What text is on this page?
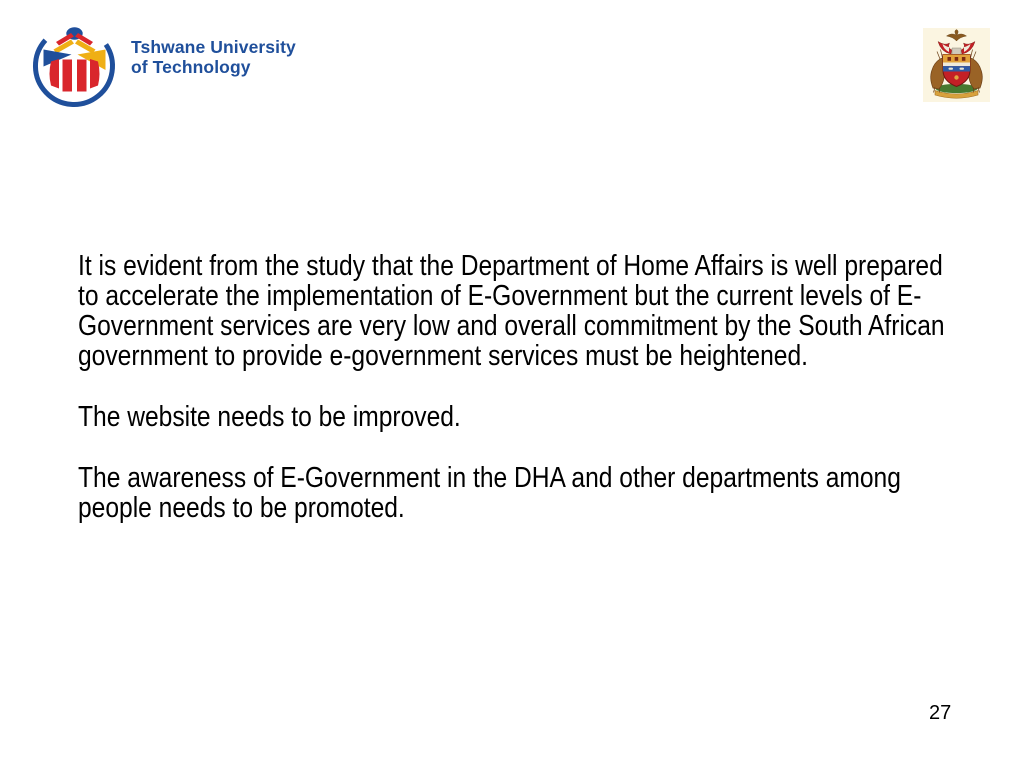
Tshwane University
of Technology

It is evident from the study that the Department of Home Affairs is well prepared to accelerate the implementation of E-Government but the current levels of E-Government services are very low and overall commitment by the South African government to provide e-government services must be heightened.

The website needs to be improved.

The awareness of E-Government in the DHA and other departments among people needs to be promoted.

27
